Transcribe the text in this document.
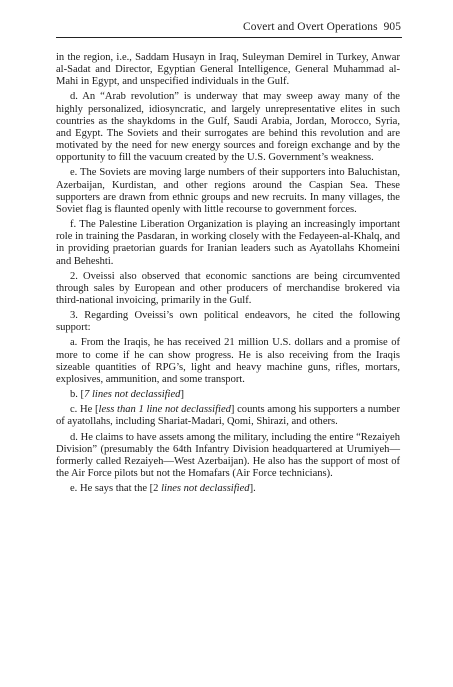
Covert and Overt Operations 905

in the region, i.e., Saddam Husayn in Iraq, Suleyman Demirel in Turkey, Anwar al-Sadat and Director, Egyptian General Intelligence, General Muhammad al-Mahi in Egypt, and unspecified individuals in the Gulf.

d. An “Arab revolution” is underway that may sweep away many of the highly personalized, idiosyncratic, and largely unrepresentative elites in such countries as the shaykdoms in the Gulf, Saudi Arabia, Jordan, Morocco, Syria, and Egypt. The Soviets and their surrogates are behind this revolution and are motivated by the need for new energy sources and foreign exchange and by the opportunity to fill the vacuum created by the U.S. Government’s weakness.

e. The Soviets are moving large numbers of their supporters into Baluchistan, Azerbaijan, Kurdistan, and other regions around the Caspian Sea. These supporters are drawn from ethnic groups and new recruits. In many villages, the Soviet flag is flaunted openly with little recourse to government forces.

f. The Palestine Liberation Organization is playing an increasingly important role in training the Pasdaran, in working closely with the Fedayeen-al-Khalq, and in providing praetorian guards for Iranian leaders such as Ayatollahs Khomeini and Beheshti.

2. Oveissi also observed that economic sanctions are being circumvented through sales by European and other producers of merchandise brokered via third-national invoicing, primarily in the Gulf.

3. Regarding Oveissi’s own political endeavors, he cited the following support:

a. From the Iraqis, he has received 21 million U.S. dollars and a promise of more to come if he can show progress. He is also receiving from the Iraqis sizeable quantities of RPG’s, light and heavy machine guns, rifles, mortars, explosives, ammunition, and some transport.

b. [7 lines not declassified]

c. He [less than 1 line not declassified] counts among his supporters a number of ayatollahs, including Shariat-Madari, Qomi, Shirazi, and others.

d. He claims to have assets among the military, including the entire “Rezaiyeh Division” (presumably the 64th Infantry Division headquartered at Urumiyeh—formerly called Rezaiyeh—West Azerbaijan). He also has the support of most of the Air Force pilots but not the Homafars (Air Force technicians).

e. He says that the [2 lines not declassified].
